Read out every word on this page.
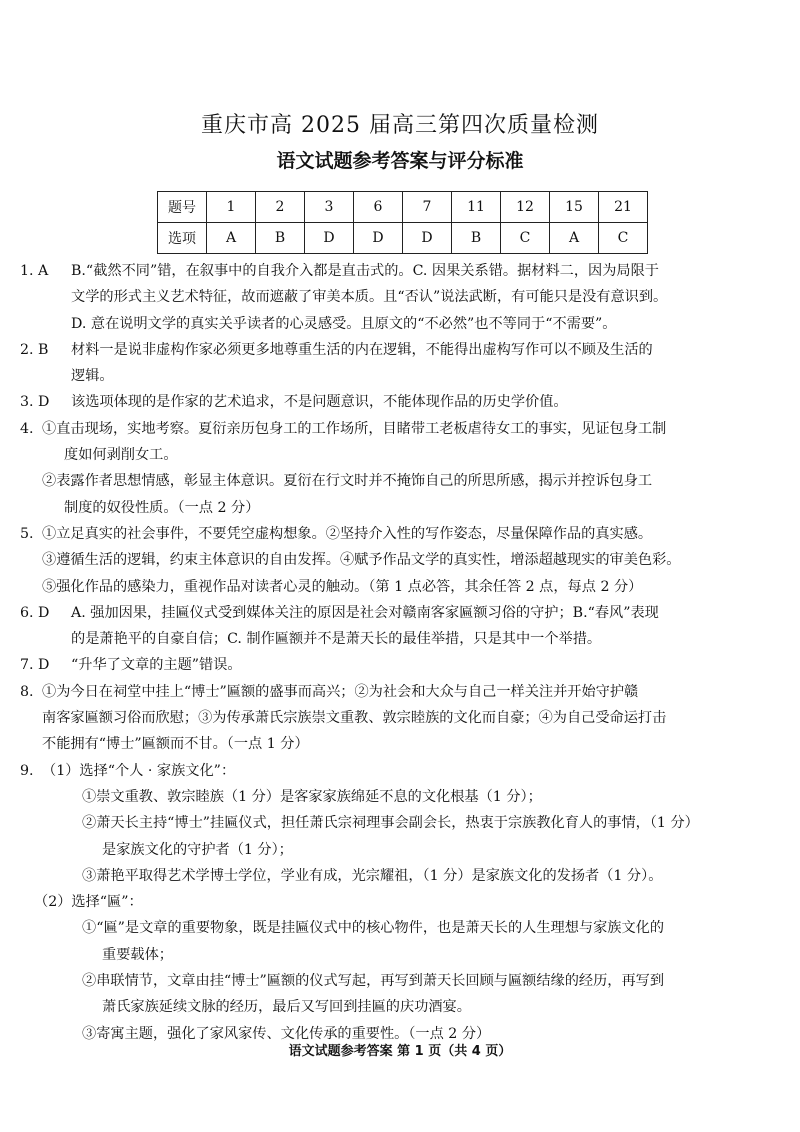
重庆市高 2025 届高三第四次质量检测
语文试题参考答案与评分标准
题号	1	2	3	6	7	11	12	15	21
选项	A	B	D	D	D	B	C	A	C
1. A B.“截然不同”错，在叙事中的自我介入都是直击式的。C. 因果关系错。据材料二，因为局限于
文学的形式主义艺术特征，故而遮蔽了审美本质。且“否认”说法武断，有可能只是没有意识到。
D. 意在说明文学的真实关乎读者的心灵感受。且原文的“不必然”也不等同于“不需要”。
2. B 材料一是说非虚构作家必须更多地尊重生活的内在逻辑，不能得出虚构写作可以不顾及生活的
逻辑。
3. D 该选项体现的是作家的艺术追求，不是问题意识，不能体现作品的历史学价值。
4. ①直击现场，实地考察。夏衍亲历包身工的工作场所，目睹带工老板虐待女工的事实，见证包身工制
度如何剥削女工。
②表露作者思想情感，彰显主体意识。夏衍在行文时并不掩饰自己的所思所感，揭示并控诉包身工
制度的奴役性质。（一点 2 分）
5. ①立足真实的社会事件，不要凭空虚构想象。②坚持介入性的写作姿态，尽量保障作品的真实感。
③遵循生活的逻辑，约束主体意识的自由发挥。④赋予作品文学的真实性，增添超越现实的审美色彩。
⑤强化作品的感染力，重视作品对读者心灵的触动。（第 1 点必答，其余任答 2 点，每点 2 分）
6. D A. 强加因果，挂匾仪式受到媒体关注的原因是社会对赣南客家匾额习俗的守护；B.“春风”表现
的是萧艳平的自豪自信；C. 制作匾额并不是萧天长的最佳举措，只是其中一个举措。
7. D “升华了文章的主题”错误。
8. ①为今日在祠堂中挂上“博士”匾额的盛事而高兴；②为社会和大众与自己一样关注并开始守护赣
南客家匾额习俗而欣慰；③为传承萧氏宗族崇文重教、敦宗睦族的文化而自豪；④为自己受命运打击
不能拥有“博士”匾额而不甘。（一点 1 分）
9. （1）选择“个人 · 家族文化”：
①崇文重教、敦宗睦族（1 分）是客家家族绵延不息的文化根基（1 分）；
②萧天长主持“博士”挂匾仪式，担任萧氏宗祠理事会副会长，热衷于宗族教化育人的事情，（1 分）
是家族文化的守护者（1 分）；
③萧艳平取得艺术学博士学位，学业有成，光宗耀祖，（1 分）是家族文化的发扬者（1 分）。
（2）选择“匾”：
①“匾”是文章的重要物象，既是挂匾仪式中的核心物件，也是萧天长的人生理想与家族文化的
重要载体；
②串联情节，文章由挂“博士”匾额的仪式写起，再写到萧天长回顾与匾额结缘的经历，再写到
萧氏家族延续文脉的经历，最后又写回到挂匾的庆功酒宴。
③寄寓主题，强化了家风家传、文化传承的重要性。（一点 2 分）
语文试题参考答案 第 1 页（共 4 页）
